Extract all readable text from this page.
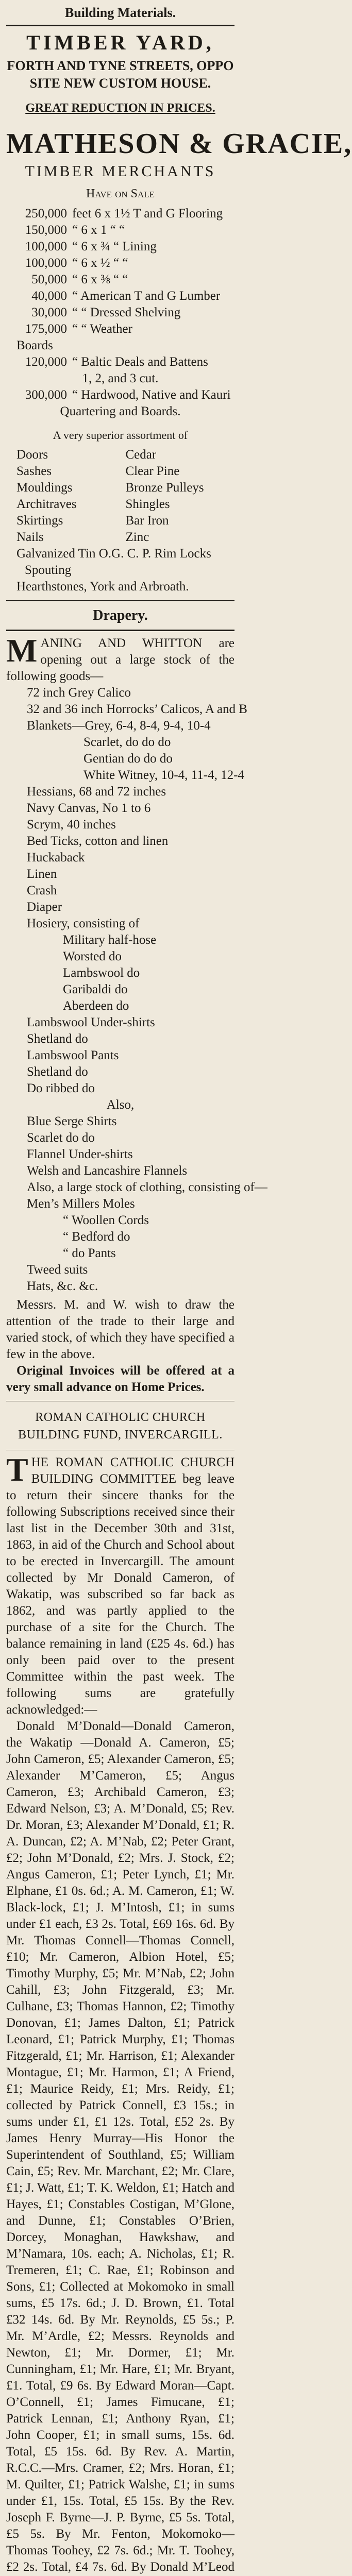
Building Materials.
TIMBER YARD,
FORTH AND TYNE STREETS, OPPO
SITE NEW CUSTOM HOUSE.
GREAT REDUCTION IN PRICES.
MATHESON & GRACIE,
TIMBER MERCHANTS
Have on Sale
250,000 feet 6 x 1½ T and G Flooring
150,000 “ 6 x 1 “ “
100,000 “ 6 x ¾ “ Lining
100,000 “ 6 x ½ “ “
50,000 “ 6 x ⅜ “ “
40,000 “ American T and G Lumber
30,000 “ “ Dressed Shelving
175,000 “ “ Weather
Boards
120,000 “ Baltic Deals and Battens
1, 2, and 3 cut.
300,000 “ Hardwood, Native and Kauri
Quartering and Boards.
A very superior assortment of
Doors	Cedar
Sashes	Clear Pine
Mouldings	Bronze Pulleys
Architraves	Shingles
Skirtings	Bar Iron
Nails	Zinc
Galvanized Tin O.G. C. P. Rim Locks
Spouting
Hearthstones, York and Arbroath.
Drapery.
MANING AND WHITTON are opening out a large stock of the following goods—
72 inch Grey Calico
32 and 36 inch Horrocks’ Calicos, A and B
Blankets—Grey, 6-4, 8-4, 9-4, 10-4
Scarlet, do do do
Gentian do do do
White Witney, 10-4, 11-4, 12-4
Hessians, 68 and 72 inches
Navy Canvas, No 1 to 6
Scrym, 40 inches
Bed Ticks, cotton and linen
Huckaback
Linen
Crash
Diaper
Hosiery, consisting of
Military half-hose
Worsted do
Lambswool do
Garibaldi do
Aberdeen do
Lambswool Under-shirts
Shetland do
Lambswool Pants
Shetland do
Do ribbed do
Also,
Blue Serge Shirts
Scarlet do do
Flannel Under-shirts
Welsh and Lancashire Flannels
Also, a large stock of clothing, consisting of—
Men’s Millers Moles
“ Woollen Cords
“ Bedford do
“ do Pants
Tweed suits
Hats, &c. &c.
Messrs. M. and W. wish to draw the attention of the trade to their large and varied stock, of which they have specified a few in the above.
Original Invoices will be offered at a very small advance on Home Prices.
ROMAN CATHOLIC CHURCH BUILDING FUND, INVERCARGILL.
THE ROMAN CATHOLIC CHURCH BUILDING COMMITTEE beg leave to return their sincere thanks for the following Subscriptions received since their last list in the December 30th and 31st, 1863, in aid of the Church and School about to be erected in Invercargill. The amount collected by Mr Donald Cameron, of Wakatip, was subscribed so far back as 1862, and was partly applied to the purchase of a site for the Church. The balance remaining in land (£25 4s. 6d.) has only been paid over to the present Committee within the past week. The following sums are gratefully acknowledged:—
Donald M’Donald—Donald Cameron, the Wakatip —Donald A. Cameron, £5; John Cameron, £5; Alexander Cameron, £5; Alexander M’Cameron, £5; Angus Cameron, £3; Archibald Cameron, £3; Edward Nelson, £3; A. M’Donald, £5; Rev. Dr. Moran, £3; Alexander M’Donald, £1; R. A. Duncan, £2; A. M’Nab, £2; Peter Grant, £2; John M’Donald, £2; Mrs. J. Stock, £2; Angus Cameron, £1; Peter Lynch, £1; Mr. Elphane, £1 0s. 6d.; A. M. Cameron, £1; W. Black-lock, £1; J. M’Intosh, £1; in sums under £1 each, £3 2s. Total, £69 16s. 6d. By Mr. Thomas Connell—Thomas Connell, £10; Mr. Cameron, Albion Hotel, £5; Timothy Murphy, £5; Mr. M’Nab, £2; John Cahill, £3; John Fitzgerald, £3; Mr. Culhane, £3; Thomas Hannon, £2; Timothy Donovan, £1; James Dalton, £1; Patrick Leonard, £1; Patrick Murphy, £1; Thomas Fitzgerald, £1; Mr. Harrison, £1; Alexander Montague, £1; Mr. Harmon, £1; A Friend, £1; Maurice Reidy, £1; Mrs. Reidy, £1; collected by Patrick Connell, £3 15s.; in sums under £1, £1 12s. Total, £52 2s. By James Henry Murray—His Honor the Superintendent of Southland, £5; William Cain, £5; Rev. Mr. Marchant, £2; Mr. Clare, £1; J. Watt, £1; T. K. Weldon, £1; Hatch and Hayes, £1; Constables Costigan, M’Glone, and Dunne, £1; Constables O’Brien, Dorcey, Monaghan, Hawkshaw, and M’Namara, 10s. each; A. Nicholas, £1; R. Tremeren, £1; C. Rae, £1; Robinson and Sons, £1; Collected at Mokomoko in small sums, £5 17s. 6d.; J. D. Brown, £1. Total £32 14s. 6d. By Mr. Reynolds, £5 5s.; P. Mr. M’Ardle, £2; Messrs. Reynolds and Newton, £1; Mr. Dormer, £1; Mr. Cunningham, £1; Mr. Hare, £1; Mr. Bryant, £1. Total, £9 6s. By Edward Moran—Capt. O’Connell, £1; James Fimucane, £1; Patrick Lennan, £1; Anthony Ryan, £1; John Cooper, £1; in small sums, 15s. 6d. Total, £5 15s. 6d. By Rev. A. Martin, R.C.C.—Mrs. Cramer, £2; Mrs. Horan, £1; M. Quilter, £1; Patrick Walshe, £1; in sums under £1, 15s. Total, £5 15s. By the Rev. Joseph F. Byrne—J. P. Byrne, £5 5s. Total, £5 5s. By Mr. Fenton, Mokomoko—Thomas Toohey, £2 7s. 6d.; Mr. T. Toohey, £2 2s. Total, £4 7s. 6d. By Donald M’Leod
